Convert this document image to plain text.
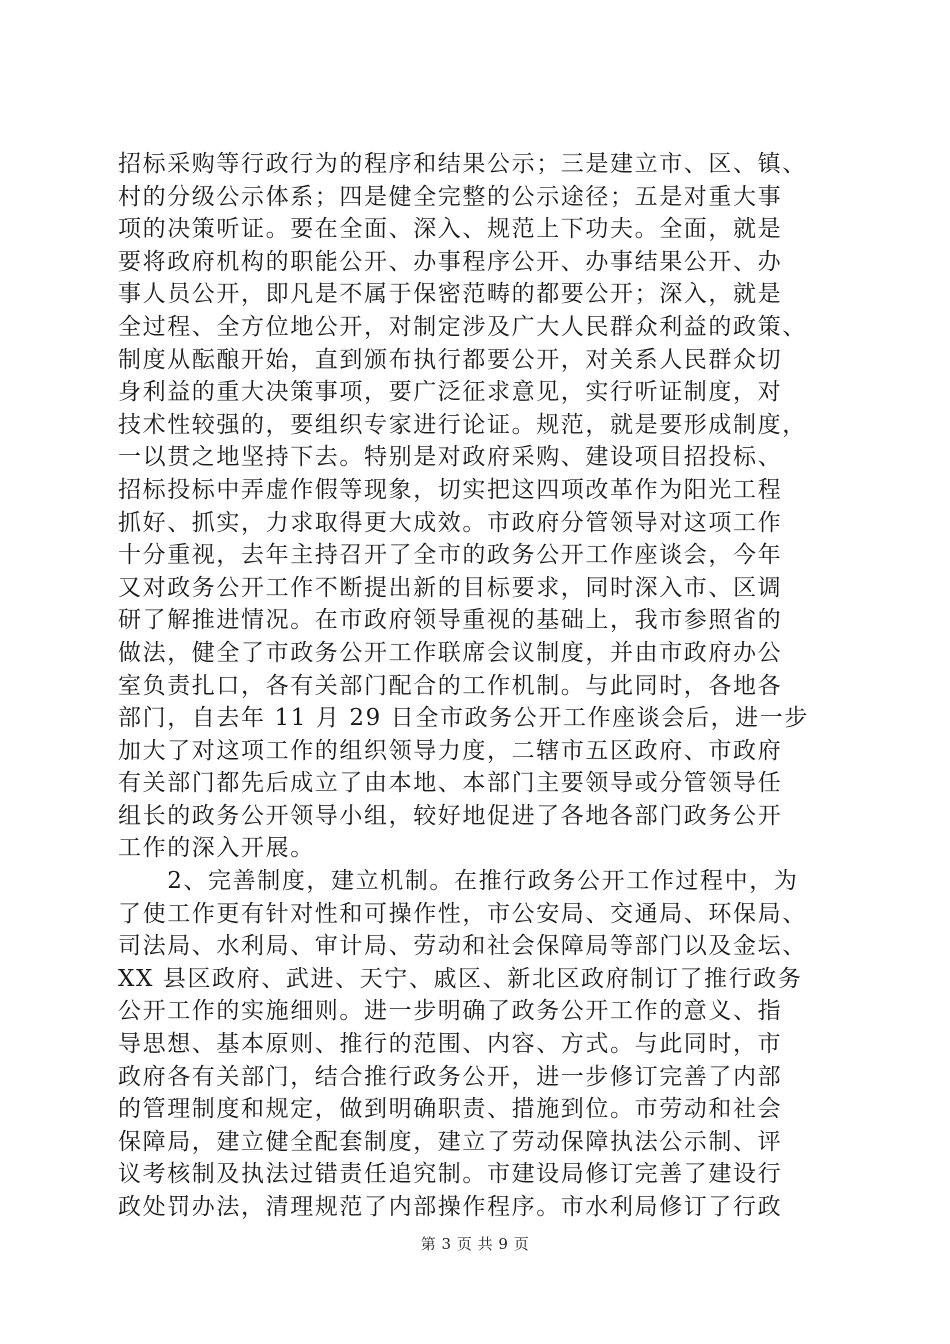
招标采购等行政行为的程序和结果公示；三是建立市、区、镇、
村的分级公示体系；四是健全完整的公示途径；五是对重大事
项的决策听证。要在全面、深入、规范上下功夫。全面，就是
要将政府机构的职能公开、办事程序公开、办事结果公开、办
事人员公开，即凡是不属于保密范畴的都要公开；深入，就是
全过程、全方位地公开，对制定涉及广大人民群众利益的政策、
制度从酝酿开始，直到颁布执行都要公开，对关系人民群众切
身利益的重大决策事项，要广泛征求意见，实行听证制度，对
技术性较强的，要组织专家进行论证。规范，就是要形成制度，
一以贯之地坚持下去。特别是对政府采购、建设项目招投标、
招标投标中弄虚作假等现象，切实把这四项改革作为阳光工程
抓好、抓实，力求取得更大成效。市政府分管领导对这项工作
十分重视，去年主持召开了全市的政务公开工作座谈会，今年
又对政务公开工作不断提出新的目标要求，同时深入市、区调
研了解推进情况。在市政府领导重视的基础上，我市参照省的
做法，健全了市政务公开工作联席会议制度，并由市政府办公
室负责扎口，各有关部门配合的工作机制。与此同时，各地各
部门，自去年 11 月 29 日全市政务公开工作座谈会后，进一步
加大了对这项工作的组织领导力度，二辖市五区政府、市政府
有关部门都先后成立了由本地、本部门主要领导或分管领导任
组长的政务公开领导小组，较好地促进了各地各部门政务公开
工作的深入开展。
　　2、完善制度，建立机制。在推行政务公开工作过程中，为
了使工作更有针对性和可操作性，市公安局、交通局、环保局、
司法局、水利局、审计局、劳动和社会保障局等部门以及金坛、
XX 县区政府、武进、天宁、戚区、新北区政府制订了推行政务
公开工作的实施细则。进一步明确了政务公开工作的意义、指
导思想、基本原则、推行的范围、内容、方式。与此同时，市
政府各有关部门，结合推行政务公开，进一步修订完善了内部
的管理制度和规定，做到明确职责、措施到位。市劳动和社会
保障局，建立健全配套制度，建立了劳动保障执法公示制、评
议考核制及执法过错责任追究制。市建设局修订完善了建设行
政处罚办法，清理规范了内部操作程序。市水利局修订了行政
第 3 页 共 9 页
